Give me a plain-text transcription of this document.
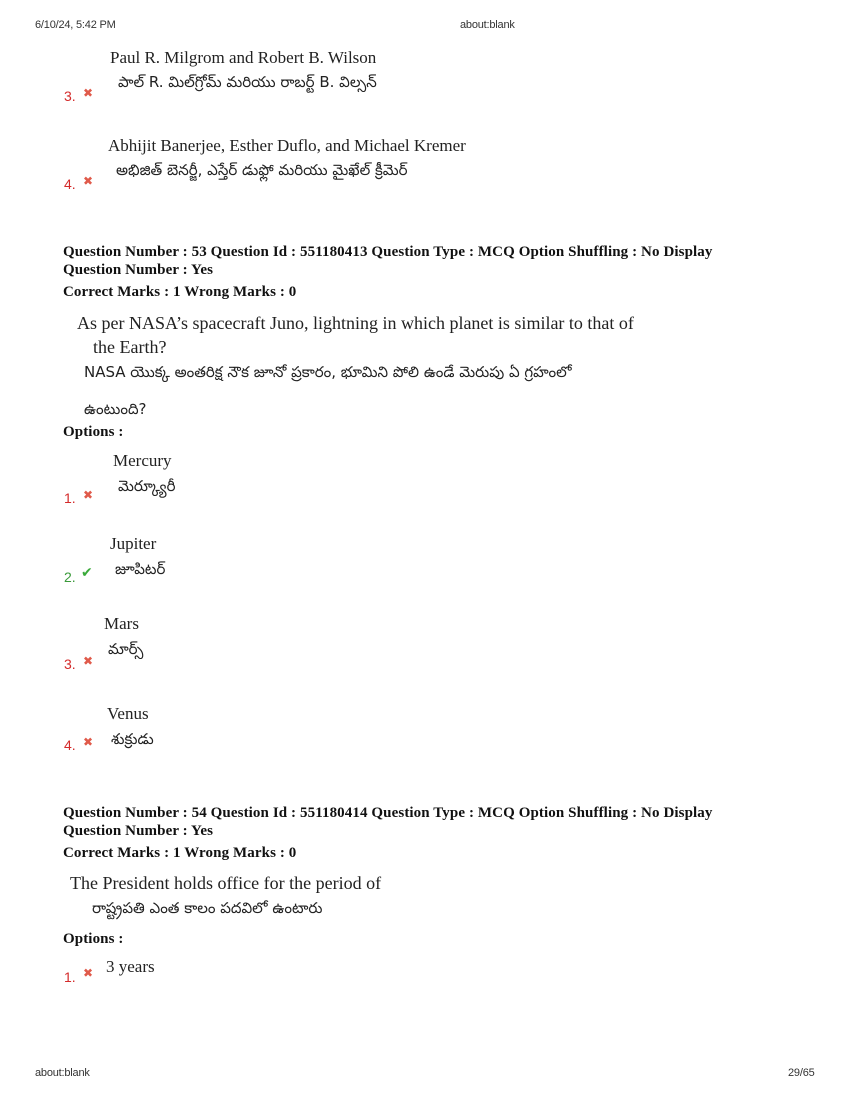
6/10/24, 5:42 PM	about:blank
Paul R. Milgrom and Robert B. Wilson
పాల్ R. మిల్‌గ్రోమ్ మరియు రాబర్ట్ B. విల్సన్
3. ✖
Abhijit Banerjee, Esther Duflo, and Michael Kremer
అభిజిత్ బెనర్జీ, ఎస్తేర్ డుఫ్లో మరియు మైఖేల్ క్రీమెర్
4. ✖
Question Number : 53 Question Id : 551180413 Question Type : MCQ Option Shuffling : No Display
Question Number : Yes
Correct Marks : 1 Wrong Marks : 0
As per NASA’s spacecraft Juno, lightning in which planet is similar to that of
the Earth?
NASA యొక్క అంతరిక్ష నౌక జూనో ప్రకారం, భూమిని పోలి ఉండే మెరుపు ఏ గ్రహంలో
ఉంటుంది?
Options :
Mercury
మెర్క్యూరీ
1. ✖
Jupiter
జూపిటర్
2. ✔
Mars
మార్స్
3. ✖
Venus
శుక్రుడు
4. ✖
Question Number : 54 Question Id : 551180414 Question Type : MCQ Option Shuffling : No Display
Question Number : Yes
Correct Marks : 1 Wrong Marks : 0
The President holds office for the period of
రాష్ట్రపతి ఎంత కాలం పదవిలో ఉంటారు
Options :
3 years
1. ✖
about:blank	29/65
